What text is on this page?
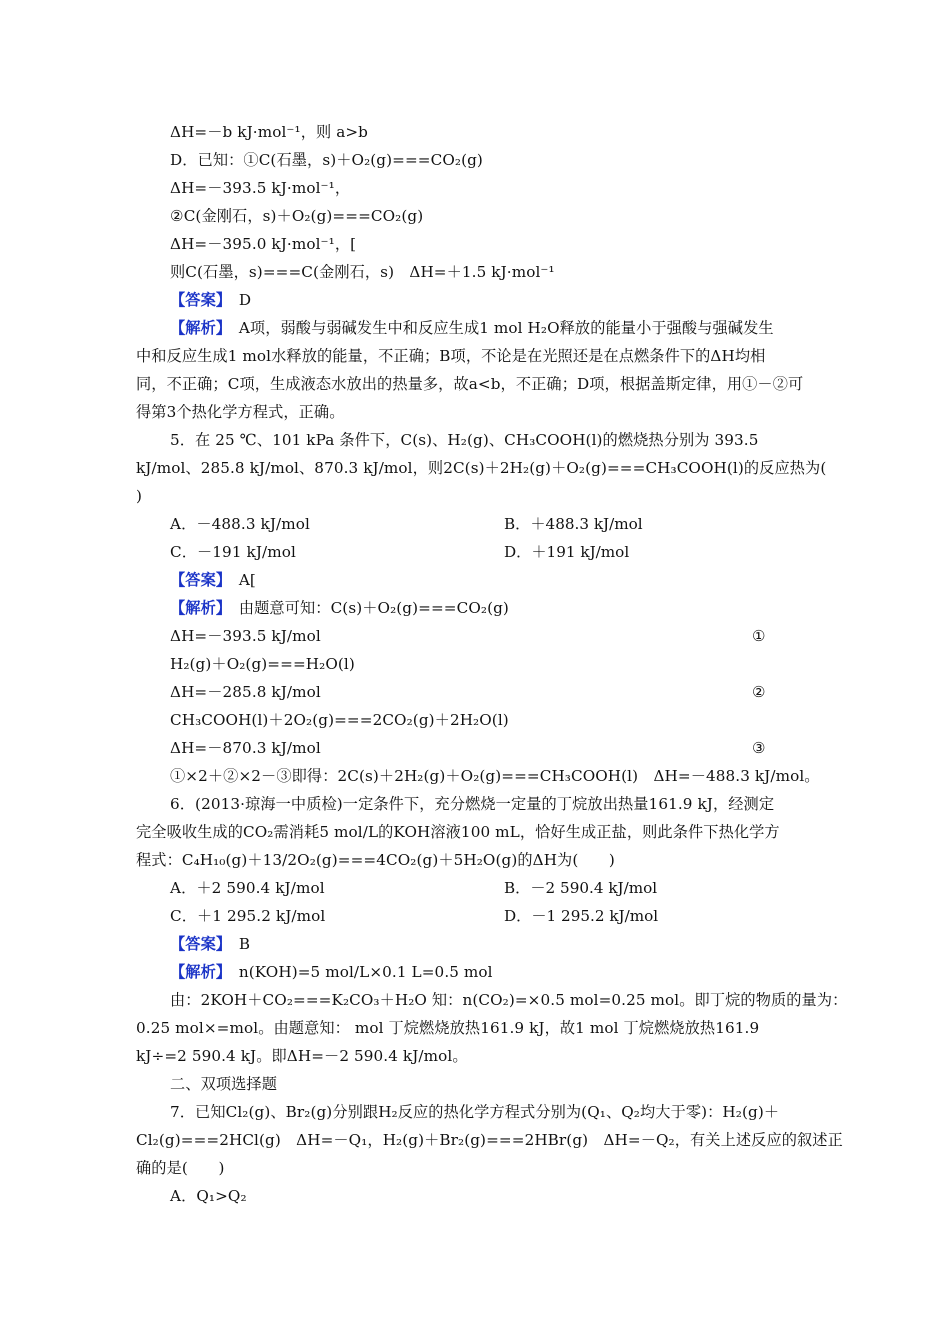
ΔH=－b kJ·mol⁻¹，则 a>b
D．已知：①C(石墨，s)＋O₂(g)===CO₂(g)
ΔH=－393.5 kJ·mol⁻¹，
②C(金刚石，s)＋O₂(g)===CO₂(g)
ΔH=－395.0 kJ·mol⁻¹，[
则C(石墨，s)===C(金刚石，s)　ΔH=＋1.5 kJ·mol⁻¹
【答案】　D
【解析】　A项，弱酸与弱碱发生中和反应生成1 mol H₂O释放的能量小于强酸与强碱发生
中和反应生成1 mol水释放的能量，不正确；B项，不论是在光照还是在点燃条件下的ΔH均相
同，不正确；C项，生成液态水放出的热量多，故a<b，不正确；D项，根据盖斯定律，用①－②可
得第3个热化学方程式，正确。
5．在 25 ℃、101 kPa 条件下，C(s)、H₂(g)、CH₃COOH(l)的燃烧热分别为 393.5
kJ/mol、285.8 kJ/mol、870.3 kJ/mol，则2C(s)＋2H₂(g)＋O₂(g)===CH₃COOH(l)的反应热为(
)
A．－488.3 kJ/mol	B．＋488.3 kJ/mol
C．－191 kJ/mol	D．＋191 kJ/mol
【答案】　A[
【解析】　由题意可知：C(s)＋O₂(g)===CO₂(g)
ΔH=－393.5 kJ/mol	①
H₂(g)＋O₂(g)===H₂O(l)
ΔH=－285.8 kJ/mol	②
CH₃COOH(l)＋2O₂(g)===2CO₂(g)＋2H₂O(l)
ΔH=－870.3 kJ/mol	③
①×2＋②×2－③即得：2C(s)＋2H₂(g)＋O₂(g)===CH₃COOH(l)　ΔH=－488.3 kJ/mol。
6．(2013·琼海一中质检)一定条件下，充分燃烧一定量的丁烷放出热量161.9 kJ，经测定
完全吸收生成的CO₂需消耗5 mol/L的KOH溶液100 mL，恰好生成正盐，则此条件下热化学方
程式：C₄H₁₀(g)＋13/2O₂(g)===4CO₂(g)＋5H₂O(g)的ΔH为(　　)
A．＋2 590.4 kJ/mol	B．－2 590.4 kJ/mol
C．＋1 295.2 kJ/mol	D．－1 295.2 kJ/mol
【答案】　B
【解析】　n(KOH)=5 mol/L×0.1 L=0.5 mol
由：2KOH＋CO₂===K₂CO₃＋H₂O 知：n(CO₂)=×0.5 mol=0.25 mol。即丁烷的物质的量为：
0.25 mol×=mol。由题意知： mol 丁烷燃烧放热161.9 kJ，故1 mol 丁烷燃烧放热161.9
kJ÷=2 590.4 kJ。即ΔH=－2 590.4 kJ/mol。
二、双项选择题
7．已知Cl₂(g)、Br₂(g)分别跟H₂反应的热化学方程式分别为(Q₁、Q₂均大于零)：H₂(g)＋
Cl₂(g)===2HCl(g)　ΔH=－Q₁，H₂(g)＋Br₂(g)===2HBr(g)　ΔH=－Q₂，有关上述反应的叙述正
确的是(　　)
A．Q₁>Q₂
